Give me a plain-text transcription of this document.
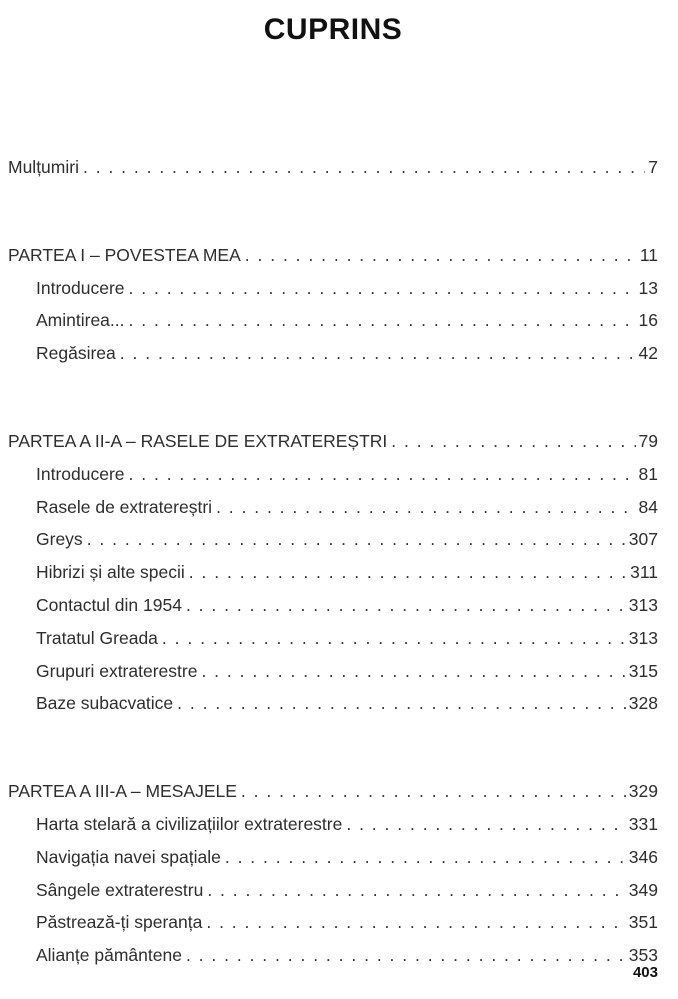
CUPRINS
Mulțumiri . . .	7
PARTEA I – POVESTEA MEA . . .	11
Introducere . . .	13
Amintirea... . . .	16
Regăsirea . . .	42
PARTEA A II-A – RASELE DE EXTRATEREȘTRI . . .	79
Introducere . . .	81
Rasele de extratereștri . . .	84
Greys . . .	307
Hibrizi și alte specii . . .	311
Contactul din 1954 . . .	313
Tratatul Greada . . .	313
Grupuri extraterestre . . .	315
Baze subacvatice . . .	328
PARTEA A III-A – MESAJELE . . .	329
Harta stelară a civilizațiilor extraterestre . . .	331
Navigația navei spațiale . . .	346
Sângele extraterestru . . .	349
Păstrează-ți speranța . . .	351
Alianțe pământene . . .	353
403
